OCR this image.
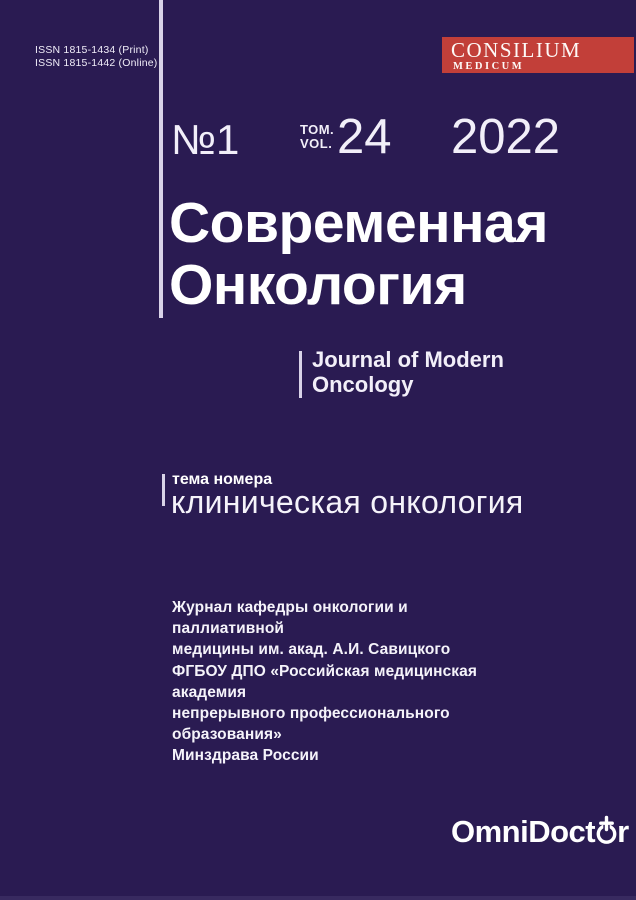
ISSN 1815-1434 (Print)
ISSN 1815-1442 (Online)
CONSILIUM
MEDICUM
№1	ТОМ.
VOL. 24 2022
Современная
Онкология
Journal of Modern
Oncology
тема номера
клиническая онкология
Журнал кафедры онкологии и паллиативной
медицины им. акад. А.И. Савицкого
ФГБОУ ДПО «Российская медицинская академия
непрерывного профессионального образования»
Минздрава России
OmniDoct r
